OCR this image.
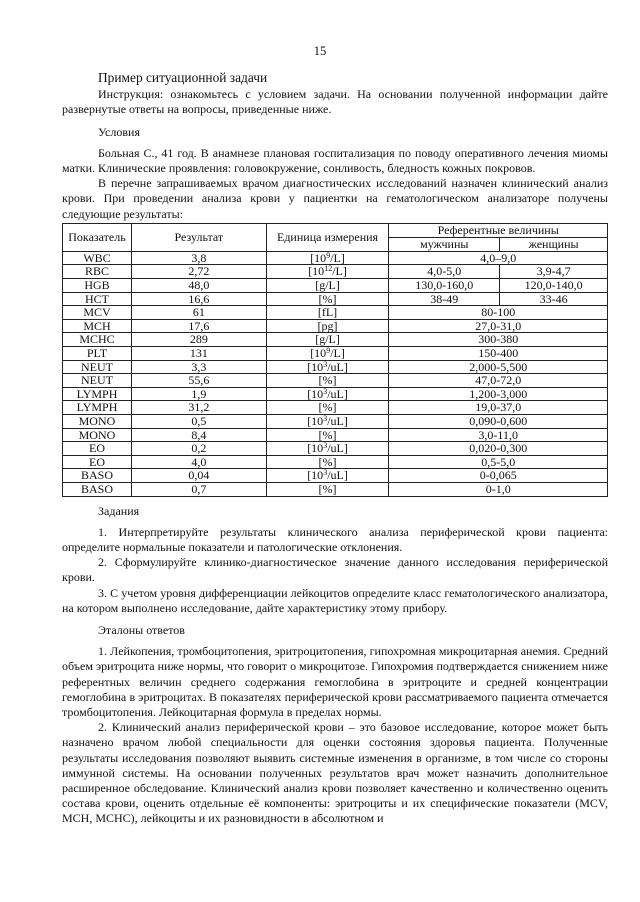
15
Пример ситуационной задачи

Инструкция: ознакомьтесь с условием задачи. На основании полученной информации дайте развернутые ответы на вопросы, приведенные ниже.

Условия

Больная С., 41 год. В анамнезе плановая госпитализация по поводу оперативного лечения миомы матки. Клинические проявления: головокружение, сонливость, бледность кожных покровов.

В перечне запрашиваемых врачом диагностических исследований назначен клинический анализ крови. При проведении анализа крови у пациентки на гематологическом анализаторе получены следующие результаты:

Показатель	Результат	Единица измерения	Референтные величины	
			мужчины	женщины
WBC	3,8	$[10^9/L]$	4,0–9,0	
RBC	2,72	$[10^{12}/L]$	4,0-5,0	3,9-4,7
HGB	48,0	[g/L]	130,0-160,0	120,0-140,0
HCT	16,6	[%]	38-49	33-46
MCV	61	[fL]	80-100	
MCH	17,6	[pg]	27,0-31,0	
MCHC	289	[g/L]	300-380	
PLT	131	$[10^9/L]$	150-400	
NEUT	3,3	$[10^3/uL]$	2,000-5,500	
NEUT	55,6	[%]	47,0-72,0	
LYMPH	1,9	$[10^3/uL]$	1,200-3,000	
LYMPH	31,2	[%]	19,0-37,0	
MONO	0,5	$[10^3/uL]$	0,090-0,600	
MONO	8,4	[%]	3,0-11,0	
EO	0,2	$[10^3/uL]$	0,020-0,300	
EO	4,0	[%]	0,5-5,0	
BASO	0,04	$[10^3/uL]$	0-0,065	
BASO	0,7	[%]	0-1,0	
Задания

1. Интерпретируйте результаты клинического анализа периферической крови пациента: определите нормальные показатели и патологические отклонения.

2. Сформулируйте клинико-диагностическое значение данного исследования периферической крови.

3. С учетом уровня дифференциации лейкоцитов определите класс гематологического анализатора, на котором выполнено исследование, дайте характеристику этому прибору.

Эталоны ответов

1. Лейкопения, тромбоцитопения, эритроцитопения, гипохромная микроцитарная анемия. Средний объем эритроцита ниже нормы, что говорит о микроцитозе. Гипохромия подтверждается снижением ниже референтных величин среднего содержания гемоглобина в эритроците и средней концентрации гемоглобина в эритроцитах. В показателях периферической крови рассматриваемого пациента отмечается тромбоцитопения. Лейкоцитарная формула в пределах нормы.

2. Клинический анализ периферической крови – это базовое исследование, которое может быть назначено врачом любой специальности для оценки состояния здоровья пациента. Полученные результаты исследования позволяют выявить системные изменения в организме, в том числе со стороны иммунной системы. На основании полученных результатов врач может назначить дополнительное расширенное обследование. Клинический анализ крови позволяет качественно и количественно оценить состава крови, оценить отдельные её компоненты: эритроциты и их специфические показатели (MCV, MCH, MCHC), лейкоциты и их разновидности в абсолютном и
